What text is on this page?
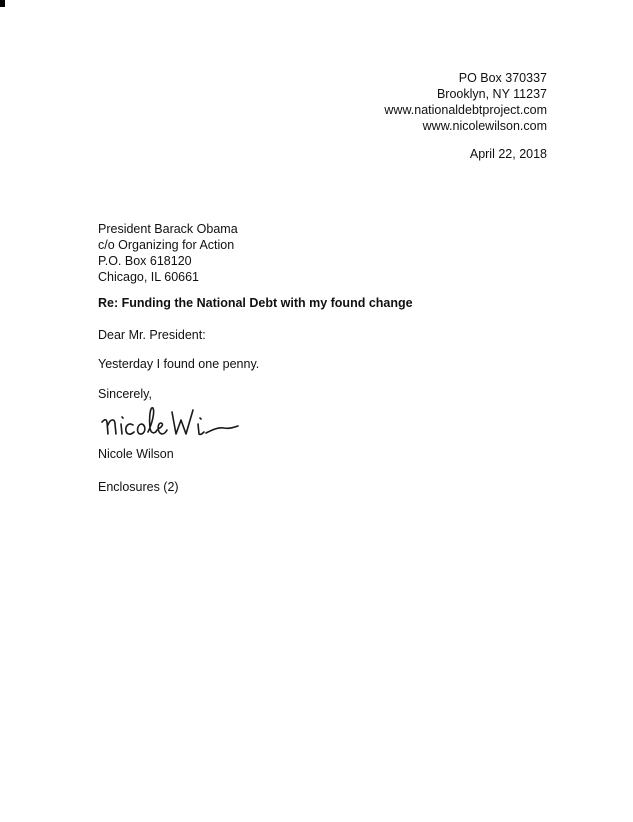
PO Box 370337
Brooklyn, NY 11237
www.nationaldebtproject.com
www.nicolewilson.com
April 22, 2018
President Barack Obama
c/o Organizing for Action
P.O. Box 618120
Chicago, IL 60661
Re: Funding the National Debt with my found change
Dear Mr. President:
Yesterday I found one penny.
Sincerely,
Nicole Wilson
Enclosures (2)
